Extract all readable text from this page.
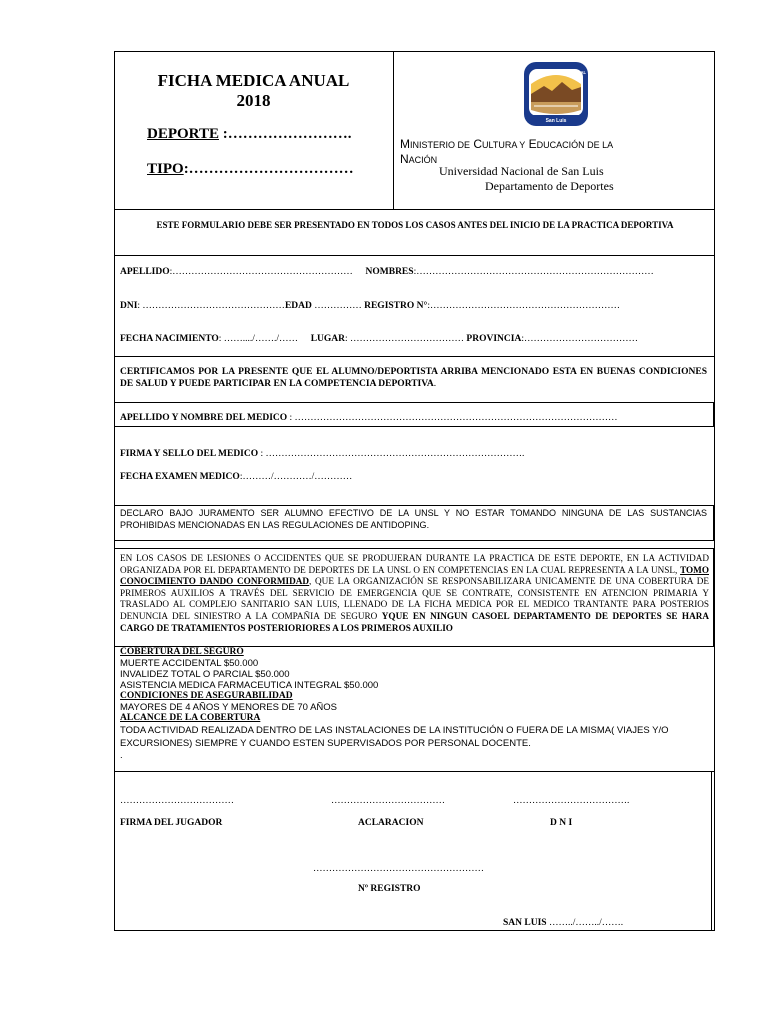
FICHA MEDICA ANUAL
2018
DEPORTE :…………………….
TIPO:……………………………
UNIVERSIDAD NACIONAL
San Luis
MINISTERIO DE CULTURA Y EDUCACIÓN DE LA
NACIÓN
Universidad Nacional de San Luis
Departamento de Deportes
ESTE FORMULARIO DEBE SER PRESENTADO EN TODOS LOS CASOS ANTES DEL INICIO DE LA PRACTICA DEPORTIVA
APELLIDO:………………………………………………… NOMBRES:…………………………………………………………………
DNI: ………………………………………EDAD …………… REGISTRO N°:……………………………………………………
FECHA NACIMIENTO: ……..../……./…… LUGAR: ……………………………… PROVINCIA:………………………………
CERTIFICAMOS POR LA PRESENTE QUE EL ALUMNO/DEPORTISTA ARRIBA MENCIONADO ESTA EN BUENAS CONDICIONES DE SALUD Y PUEDE PARTICIPAR EN LA COMPETENCIA DEPORTIVA.
APELLIDO Y NOMBRE DEL MEDICO : …………………………………………………………………………………………
FIRMA Y SELLO DEL MEDICO : ……………………………………………………………………….
FECHA EXAMEN MEDICO:………/…………/…………
DECLARO BAJO JURAMENTO SER ALUMNO EFECTIVO DE LA UNSL Y NO ESTAR TOMANDO NINGUNA DE LAS SUSTANCIAS PROHIBIDAS MENCIONADAS EN LAS REGULACIONES DE ANTIDOPING.
EN LOS CASOS DE LESIONES O ACCIDENTES QUE SE PRODUJERAN DURANTE LA PRACTICA DE ESTE DEPORTE, EN LA ACTIVIDAD ORGANIZADA POR EL DEPARTAMENTO DE DEPORTES DE LA UNSL O EN COMPETENCIAS EN LA CUAL REPRESENTA A LA UNSL, TOMO CONOCIMIENTO DANDO CONFORMIDAD, QUE LA ORGANIZACIÓN SE RESPONSABILIZARA UNICAMENTE DE UNA COBERTURA DE PRIMEROS AUXILIOS A TRAVÉS DEL SERVICIO DE EMERGENCIA QUE SE CONTRATE, CONSISTENTE EN ATENCION PRIMARIA Y TRASLADO AL COMPLEJO SANITARIO SAN LUIS, LLENADO DE LA FICHA MEDICA POR EL MEDICO TRANTANTE PARA POSTERIOS DENUNCIA DEL SINIESTRO A LA COMPAÑIA DE SEGURO YQUE EN NINGUN CASOEL DEPARTAMENTO DE DEPORTES SE HARA CARGO DE TRATAMIENTOS POSTERIORIORES A LOS PRIMEROS AUXILIO
COBERTURA DEL SEGURO
MUERTE ACCIDENTAL $50.000
INVALIDEZ TOTAL O PARCIAL $50.000
ASISTENCIA MEDICA FARMACEUTICA INTEGRAL $50.000
CONDICIONES DE ASEGURABILIDAD
MAYORES DE 4 AÑOS Y MENORES DE 70 AÑOS
ALCANCE DE LA COBERTURA
TODA ACTIVIDAD REALIZADA DENTRO DE LAS INSTALACIONES DE LA INSTITUCIÓN O FUERA DE LA MISMA( VIAJES Y/O EXCURSIONES) SIEMPRE Y CUANDO ESTEN SUPERVISADOS POR PERSONAL DOCENTE.
.
………………………………	………………………………	……………………………….
FIRMA DEL JUGADOR	ACLARACION	D N I
………………………………………………
Nº REGISTRO
SAN LUIS ……../……../…….
